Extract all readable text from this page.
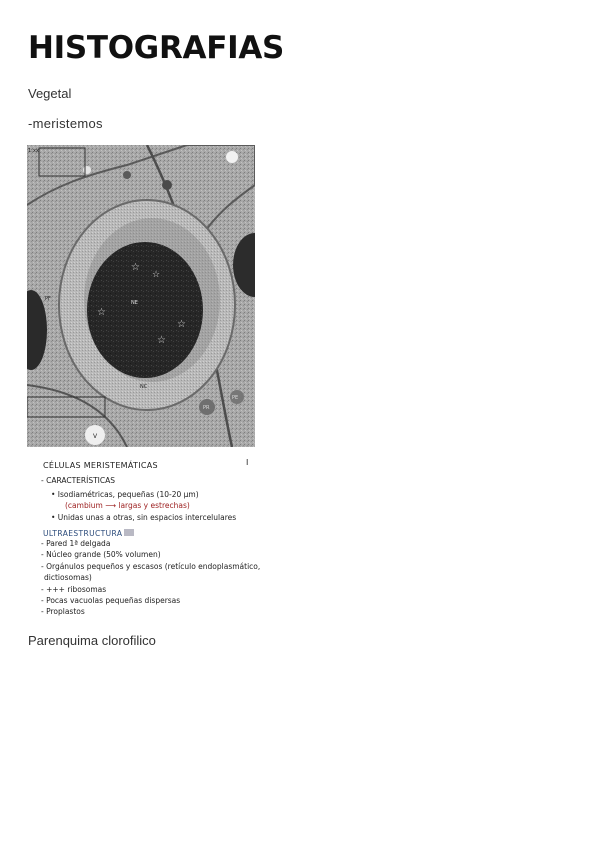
HISTOGRAFIAS
Vegetal
-meristemos
☆
☆
☆
☆
☆
1:xx
NE
NC
V
PR
PE
PF
CÉLULAS MERISTEMÁTICAS	I
- CARACTERÍSTICAS
• Isodiamétricas, pequeñas (10-20 µm)
(cambium ⟶ largas y estrechas)
• Unidas unas a otras, sin espacios intercelulares
ULTRAESTRUCTURA
- Pared 1ª delgada
- Núcleo grande (50% volumen)
- Orgánulos pequeños y escasos (retículo endoplasmático,
dictiosomas)
- +++ ribosomas
- Pocas vacuolas pequeñas dispersas
- Proplastos
Parenquima clorofilico
